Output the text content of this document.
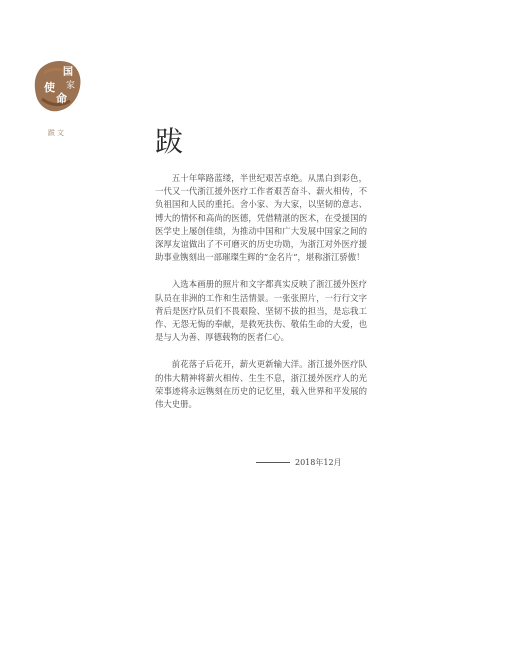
国
家
使
命
跋文	跋

五十年筚路蓝缕，半世纪艰苦卓绝。从黑白到彩色，一代又一代浙江援外医疗工作者艰苦奋斗、薪火相传，不负祖国和人民的重托。舍小家、为大家，以坚韧的意志、博大的情怀和高尚的医德，凭借精湛的医术，在受援国的医学史上屡创佳绩，为推动中国和广大发展中国家之间的深厚友谊做出了不可磨灭的历史功勋，为浙江对外医疗援助事业镌刻出一部璀璨生辉的“金名片”，堪称浙江骄傲！

入选本画册的照片和文字都真实反映了浙江援外医疗队员在非洲的工作和生活情景。一张张照片，一行行文字背后是医疗队员们不畏艰险、坚韧不拔的担当，是忘我工作、无怨无悔的奉献，是救死扶伤、敬佑生命的大爱，也是与人为善、厚德载物的医者仁心。

前花落子后花开，薪火更新输大洋。浙江援外医疗队的伟大精神将薪火相传、生生不息，浙江援外医疗人的光荣事迹将永远镌刻在历史的记忆里，载入世界和平发展的伟大史册。

2018年12月
